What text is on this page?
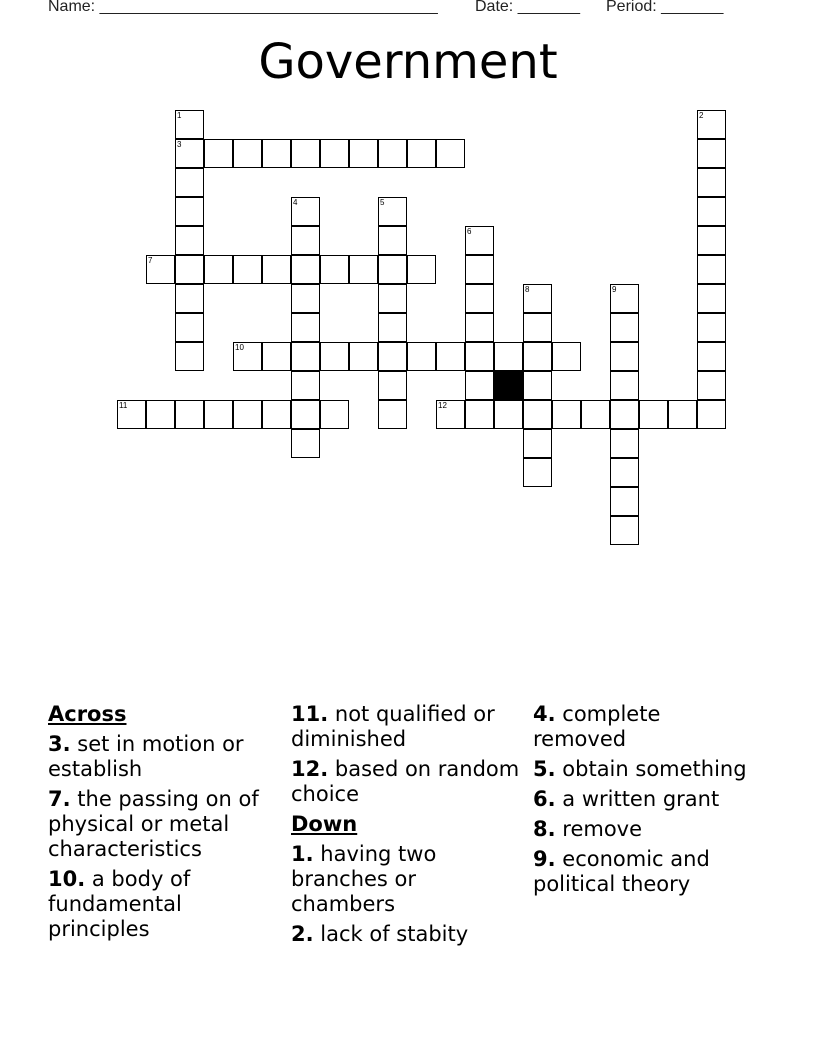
Name: ______________________________________ Date: _______ Period: _______
Government
1
3
2
4	5
6
7
8	9
10
11	12
Across
3. set in motion or establish
7. the passing on of physical or metal characteristics
10. a body of fundamental principles
11. not qualified or diminished
12. based on random choice
Down
1. having two branches or chambers
2. lack of stabity
4. complete removed
5. obtain something
6. a written grant
8. remove
9. economic and political theory
